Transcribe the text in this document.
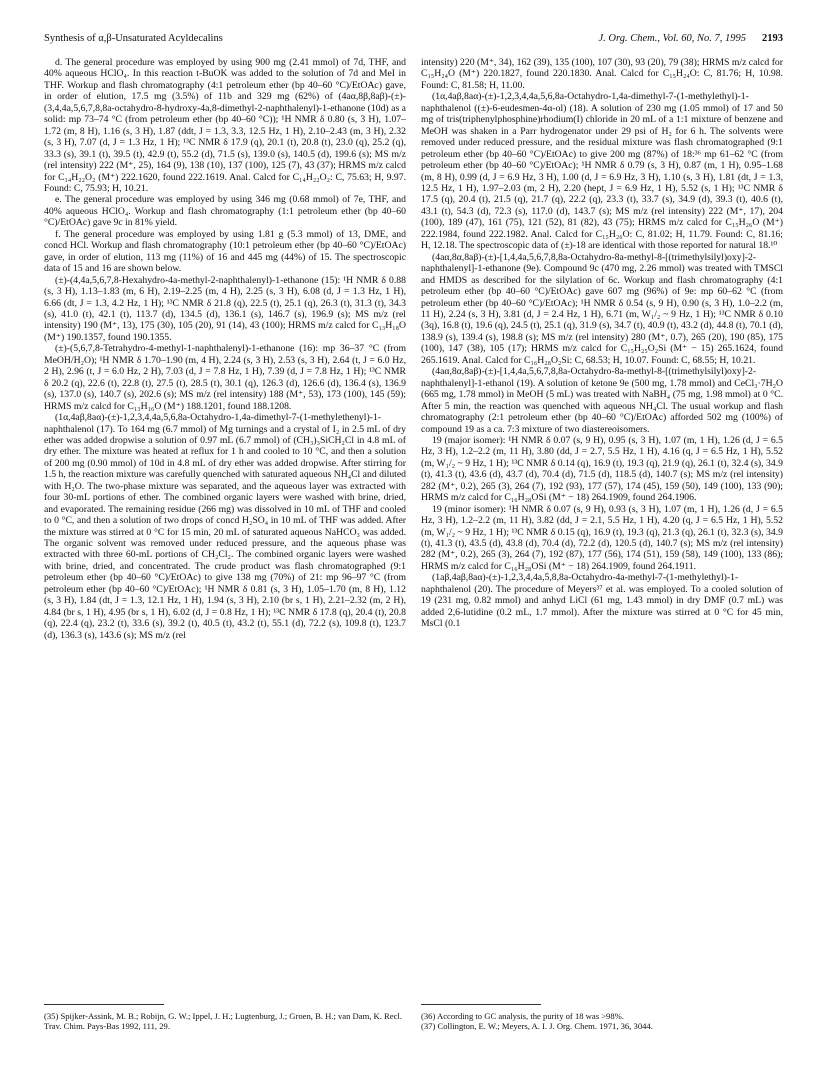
Synthesis of α,β-Unsaturated Acyldecalins	J. Org. Chem., Vol. 60, No. 7, 1995 2193

d. The general procedure was employed by using 900 mg (2.41 mmol) of 7d, THF, and 40% aqueous HClO₄. In this reaction t-BuOK was added to the solution of 7d and MeI in THF. Workup and flash chromatography (4:1 petroleum ether (bp 40–60 °C)/EtOAc) gave, in order of elution, 17.5 mg (3.5%) of 11b and 329 mg (62%) of (4aα,8β,8aβ)-(±)-(3,4,4a,5,6,7,8,8a-octahydro-8-hydroxy-4a,8-dimethyl-2-naphthalenyl)-1-ethanone (10d) as a solid: mp 73–74 °C (from petroleum ether (bp 40–60 °C)); ¹H NMR δ 0.80 (s, 3 H), 1.07–1.72 (m, 8 H), 1.16 (s, 3 H), 1.87 (ddt, J = 1.3, 3.3, 12.5 Hz, 1 H), 2.10–2.43 (m, 3 H), 2.32 (s, 3 H), 7.07 (d, J = 1.3 Hz, 1 H); ¹³C NMR δ 17.9 (q), 20.1 (t), 20.8 (t), 23.0 (q), 25.2 (q), 33.3 (s), 39.1 (t), 39.5 (t), 42.9 (t), 55.2 (d), 71.5 (s), 139.0 (s), 140.5 (d), 199.6 (s); MS m/z (rel intensity) 222 (M⁺, 25), 164 (9), 138 (10), 137 (100), 125 (7), 43 (37); HRMS m/z calcd for C₁₄H₂₂O₂ (M⁺) 222.1620, found 222.1619. Anal. Calcd for C₁₄H₂₂O₂: C, 75.63; H, 9.97. Found: C, 75.93; H, 10.21.

e. The general procedure was employed by using 346 mg (0.68 mmol) of 7e, THF, and 40% aqueous HClO₄. Workup and flash chromatography (1:1 petroleum ether (bp 40–60 °C)/EtOAc) gave 9c in 81% yield.

f. The general procedure was employed by using 1.81 g (5.3 mmol) of 13, DME, and concd HCl. Workup and flash chromatography (10:1 petroleum ether (bp 40–60 °C)/EtOAc) gave, in order of elution, 113 mg (11%) of 16 and 445 mg (44%) of 15. The spectroscopic data of 15 and 16 are shown below.

(±)-(4,4a,5,6,7,8-Hexahydro-4a-methyl-2-naphthalenyl)-1-ethanone (15): ¹H NMR δ 0.88 (s, 3 H), 1.13–1.83 (m, 6 H), 2.19–2.25 (m, 4 H), 2.25 (s, 3 H), 6.08 (d, J = 1.3 Hz, 1 H), 6.66 (dt, J = 1.3, 4.2 Hz, 1 H); ¹³C NMR δ 21.8 (q), 22.5 (t), 25.1 (q), 26.3 (t), 31.3 (t), 34.3 (s), 41.0 (t), 42.1 (t), 113.7 (d), 134.5 (d), 136.1 (s), 146.7 (s), 196.9 (s); MS m/z (rel intensity) 190 (M⁺, 13), 175 (30), 105 (20), 91 (14), 43 (100); HRMS m/z calcd for C₁₃H₁₈O (M⁺) 190.1357, found 190.1355.

(±)-(5,6,7,8-Tetrahydro-4-methyl-1-naphthalenyl)-1-ethanone (16): mp 36–37 °C (from MeOH/H₂O); ¹H NMR δ 1.70–1.90 (m, 4 H), 2.24 (s, 3 H), 2.53 (s, 3 H), 2.64 (t, J = 6.0 Hz, 2 H), 2.96 (t, J = 6.0 Hz, 2 H), 7.03 (d, J = 7.8 Hz, 1 H), 7.39 (d, J = 7.8 Hz, 1 H); ¹³C NMR δ 20.2 (q), 22.6 (t), 22.8 (t), 27.5 (t), 28.5 (t), 30.1 (q), 126.3 (d), 126.6 (d), 136.4 (s), 136.9 (s), 137.0 (s), 140.7 (s), 202.6 (s); MS m/z (rel intensity) 188 (M⁺, 53), 173 (100), 145 (59); HRMS m/z calcd for C₁₃H₁₆O (M⁺) 188.1201, found 188.1208.

(1α,4aβ,8aα)-(±)-1,2,3,4,4a,5,6,8a-Octahydro-1,4a-dimethyl-7-(1-methylethenyl)-1-naphthalenol (17). To 164 mg (6.7 mmol) of Mg turnings and a crystal of I₂ in 2.5 mL of dry ether was added dropwise a solution of 0.97 mL (6.7 mmol) of (CH₃)₃SiCH₂Cl in 4.8 mL of dry ether. The mixture was heated at reflux for 1 h and cooled to 10 °C, and then a solution of 200 mg (0.90 mmol) of 10d in 4.8 mL of dry ether was added dropwise. After stirring for 1.5 h, the reaction mixture was carefully quenched with saturated aqueous NH₄Cl and diluted with H₂O. The two-phase mixture was separated, and the aqueous layer was extracted with four 30-mL portions of ether. The combined organic layers were washed with brine, dried, and evaporated. The remaining residue (266 mg) was dissolved in 10 mL of THF and cooled to 0 °C, and then a solution of two drops of concd H₂SO₄ in 10 mL of THF was added. After the mixture was stirred at 0 °C for 15 min, 20 mL of saturated aqueous NaHCO₃ was added. The organic solvent was removed under reduced pressure, and the aqueous phase was extracted with three 60-mL portions of CH₂Cl₂. The combined organic layers were washed with brine, dried, and concentrated. The crude product was flash chromatographed (9:1 petroleum ether (bp 40–60 °C)/EtOAc) to give 138 mg (70%) of 21: mp 96–97 °C (from petroleum ether (bp 40–60 °C)/EtOAc); ¹H NMR δ 0.81 (s, 3 H), 1.05–1.70 (m, 8 H), 1.12 (s, 3 H), 1.84 (dt, J = 1.3, 12.1 Hz, 1 H), 1.94 (s, 3 H), 2.10 (br s, 1 H), 2.21–2.32 (m, 2 H), 4.84 (br s, 1 H), 4.95 (br s, 1 H), 6.02 (d, J = 0.8 Hz, 1 H); ¹³C NMR δ 17.8 (q), 20.4 (t), 20.8 (q), 22.4 (q), 23.2 (t), 33.6 (s), 39.2 (t), 40.5 (t), 43.2 (t), 55.1 (d), 72.2 (s), 109.8 (t), 123.7 (d), 136.3 (s), 143.6 (s); MS m/z (rel

intensity) 220 (M⁺, 34), 162 (39), 135 (100), 107 (30), 93 (20), 79 (38); HRMS m/z calcd for C₁₅H₂₄O (M⁺) 220.1827, found 220.1830. Anal. Calcd for C₁₅H₂₄O: C, 81.76; H, 10.98. Found: C, 81.58; H, 11.00.

(1α,4aβ,8aα)-(±)-1,2,3,4,4a,5,6,8a-Octahydro-1,4a-dimethyl-7-(1-methylethyl)-1-naphthalenol ((±)-6-eudesmen-4α-ol) (18). A solution of 230 mg (1.05 mmol) of 17 and 50 mg of tris(triphenylphosphine)rhodium(I) chloride in 20 mL of a 1:1 mixture of benzene and MeOH was shaken in a Parr hydrogenator under 29 psi of H₂ for 6 h. The solvents were removed under reduced pressure, and the residual mixture was flash chromatographed (9:1 petroleum ether (bp 40–60 °C)/EtOAc) to give 200 mg (87%) of 18:³⁶ mp 61–62 °C (from petroleum ether (bp 40–60 °C)/EtOAc); ¹H NMR δ 0.79 (s, 3 H), 0.87 (m, 1 H), 0.95–1.68 (m, 8 H), 0.99 (d, J = 6.9 Hz, 3 H), 1.00 (d, J = 6.9 Hz, 3 H), 1.10 (s, 3 H), 1.81 (dt, J = 1.3, 12.5 Hz, 1 H), 1.97–2.03 (m, 2 H), 2.20 (hept, J = 6.9 Hz, 1 H), 5.52 (s, 1 H); ¹³C NMR δ 17.5 (q), 20.4 (t), 21.5 (q), 21.7 (q), 22.2 (q), 23.3 (t), 33.7 (s), 34.9 (d), 39.3 (t), 40.6 (t), 43.1 (t), 54.3 (d), 72.3 (s), 117.0 (d), 143.7 (s); MS m/z (rel intensity) 222 (M⁺, 17), 204 (100), 189 (47), 161 (75), 121 (52), 81 (82), 43 (75); HRMS m/z calcd for C₁₅H₂₆O (M⁺) 222.1984, found 222.1982. Anal. Calcd for C₁₅H₂₆O: C, 81.02; H, 11.79. Found: C, 81.16; H, 12.18. The spectroscopic data of (±)-18 are identical with those reported for natural 18.¹⁰

(4aα,8α,8aβ)-(±)-[1,4,4a,5,6,7,8,8a-Octahydro-8a-methyl-8-[(trimethylsilyl)oxy]-2-naphthalenyl]-1-ethanone (9e). Compound 9c (470 mg, 2.26 mmol) was treated with TMSCl and HMDS as described for the silylation of 6c. Workup and flash chromatography (4:1 petroleum ether (bp 40–60 °C)/EtOAc) gave 607 mg (96%) of 9e: mp 60–62 °C (from petroleum ether (bp 40–60 °C)/EtOAc); ¹H NMR δ 0.54 (s, 9 H), 0.90 (s, 3 H), 1.0–2.2 (m, 11 H), 2.24 (s, 3 H), 3.81 (d, J = 2.4 Hz, 1 H), 6.71 (m, W₁/₂ ~ 9 Hz, 1 H); ¹³C NMR δ 0.10 (3q), 16.8 (t), 19.6 (q), 24.5 (t), 25.1 (q), 31.9 (s), 34.7 (t), 40.9 (t), 43.2 (d), 44.8 (t), 70.1 (d), 138.9 (s), 139.4 (s), 198.8 (s); MS m/z (rel intensity) 280 (M⁺, 0.7), 265 (20), 190 (85), 175 (100), 147 (38), 105 (17); HRMS m/z calcd for C₁₅H₂₅O₂Si (M⁺ − 15) 265.1624, found 265.1619. Anal. Calcd for C₁₆H₂₈O₂Si: C, 68.53; H, 10.07. Found: C, 68.55; H, 10.21.

(4aα,8α,8aβ)-(±)-[1,4,4a,5,6,7,8,8a-Octahydro-8a-methyl-8-[(trimethylsilyl)oxy]-2-naphthalenyl]-1-ethanol (19). A solution of ketone 9e (500 mg, 1.78 mmol) and CeCl₃·7H₂O (665 mg, 1.78 mmol) in MeOH (5 mL) was treated with NaBH₄ (75 mg, 1.98 mmol) at 0 °C. After 5 min, the reaction was quenched with aqueous NH₄Cl. The usual workup and flash chromatography (2:1 petroleum ether (bp 40–60 °C)/EtOAc) afforded 502 mg (100%) of compound 19 as a ca. 7:3 mixture of two diastereoisomers.

19 (major isomer): ¹H NMR δ 0.07 (s, 9 H), 0.95 (s, 3 H), 1.07 (m, 1 H), 1.26 (d, J = 6.5 Hz, 3 H), 1.2–2.2 (m, 11 H), 3.80 (dd, J = 2.7, 5.5 Hz, 1 H), 4.16 (q, J = 6.5 Hz, 1 H), 5.52 (m, W₁/₂ ~ 9 Hz, 1 H); ¹³C NMR δ 0.14 (q), 16.9 (t), 19.3 (q), 21.9 (q), 26.1 (t), 32.4 (s), 34.9 (t), 41.3 (t), 43.6 (d), 43.7 (d), 70.4 (d), 71.5 (d), 118.5 (d), 140.7 (s); MS m/z (rel intensity) 282 (M⁺, 0.2), 265 (3), 264 (7), 192 (93), 177 (57), 174 (45), 159 (50), 149 (100), 133 (90); HRMS m/z calcd for C₁₆H₂₈OSi (M⁺ − 18) 264.1909, found 264.1906.

19 (minor isomer): ¹H NMR δ 0.07 (s, 9 H), 0.93 (s, 3 H), 1.07 (m, 1 H), 1.26 (d, J = 6.5 Hz, 3 H), 1.2–2.2 (m, 11 H), 3.82 (dd, J = 2.1, 5.5 Hz, 1 H), 4.20 (q, J = 6.5 Hz, 1 H), 5.52 (m, W₁/₂ ~ 9 Hz, 1 H); ¹³C NMR δ 0.15 (q), 16.9 (t), 19.3 (q), 21.3 (q), 26.1 (t), 32.3 (s), 34.9 (t), 41.3 (t), 43.5 (d), 43.8 (d), 70.4 (d), 72.2 (d), 120.5 (d), 140.7 (s); MS m/z (rel intensity) 282 (M⁺, 0.2), 265 (3), 264 (7), 192 (87), 177 (56), 174 (51), 159 (58), 149 (100), 133 (86); HRMS m/z calcd for C₁₆H₂₈OSi (M⁺ − 18) 264.1909, found 264.1911.

(1aβ,4aβ,8aα)-(±)-1,2,3,4,4a,5,8,8a-Octahydro-4a-methyl-7-(1-methylethyl)-1-naphthalenol (20). The procedure of Meyers³⁷ et al. was employed. To a cooled solution of 19 (231 mg, 0.82 mmol) and anhyd LiCl (61 mg, 1.43 mmol) in dry DMF (0.7 mL) was added 2,6-lutidine (0.2 mL, 1.7 mmol). After the mixture was stirred at 0 °C for 45 min, MsCl (0.1

(35) Spijker-Assink, M. B.; Robijn, G. W.; Ippel, J. H.; Lugtenburg, J.; Groen, B. H.; van Dam, K. Recl. Trav. Chim. Pays-Bas 1992, 111, 29.

(36) According to GC analysis, the purity of 18 was >98%.

(37) Collington, E. W.; Meyers, A. I. J. Org. Chem. 1971, 36, 3044.
